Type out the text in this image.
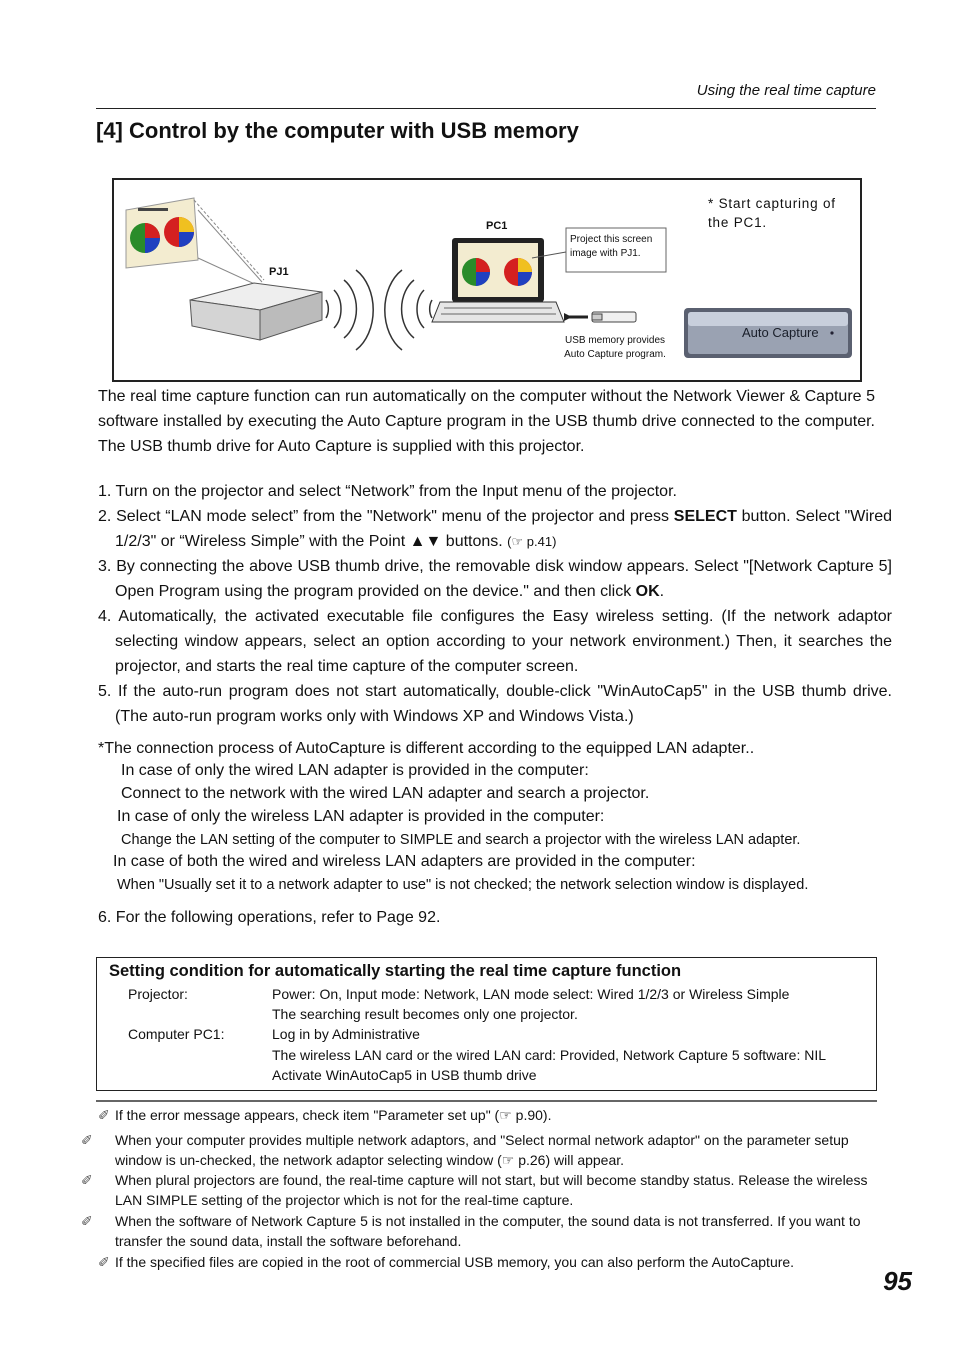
Using the real time capture
[4] Control by the computer with USB memory
PJ1
PC1
Project this screen image with PJ1.
USB memory provides Auto Capture program.
* Start capturing of the PC1.
Auto Capture
The real time capture function can run automatically on the computer without the Network Viewer & Capture 5 software installed by executing the Auto Capture program in the USB thumb drive connected to the computer. The USB thumb drive for Auto Capture is supplied with this projector.
1. Turn on the projector and select “Network” from the Input menu of the projector.
2. Select “LAN mode select” from the "Network" menu of the projector and press SELECT button. Select "Wired 1/2/3" or “Wireless Simple” with the Point ▲▼ buttons. (☞ p.41)
3. By connecting the above USB thumb drive, the removable disk window appears. Select "[Network Capture 5] Open Program using the program provided on the device." and then click OK.
4. Automatically, the activated executable file configures the Easy wireless setting. (If the network adaptor selecting window appears, select an option according to your network environment.) Then, it searches the projector, and starts the real time capture of the computer screen.
5. If the auto-run program does not start automatically, double-click "WinAutoCap5" in the USB thumb drive. (The auto-run program works only with Windows XP and Windows Vista.)
*The connection process of AutoCapture is different according to the equipped LAN adapter..
In case of only the wired LAN adapter is provided in the computer:
Connect to the network with the wired LAN adapter and search a projector.
In case of only the wireless LAN adapter is provided in the computer:
Change the LAN setting of the computer to SIMPLE and search a projector with the wireless LAN adapter.
In case of both the wired and wireless LAN adapters are provided in the computer:
When "Usually set it to a network adapter to use" is not checked; the network selection window is displayed.
6. For the following operations, refer to Page 92.
Setting condition for automatically starting the real time capture function
Projector:	Power: On, Input mode: Network, LAN mode select: Wired 1/2/3 or Wireless Simple
The searching result becomes only one projector.
Computer PC1:	Log in by Administrative
The wireless LAN card or the wired LAN card: Provided, Network Capture 5 software: NIL
Activate WinAutoCap5 in USB thumb drive
✐ If the error message appears, check item "Parameter set up" (☞ p.90).
✐ When your computer provides multiple network adaptors, and "Select normal network adaptor" on the parameter setup window is un-checked, the network adaptor selecting window (☞ p.26) will appear.
✐ When plural projectors are found, the real-time capture will not start, but will become standby status. Release the wireless LAN SIMPLE setting of the projector which is not for the real-time capture.
✐ When the software of Network Capture 5 is not installed in the computer, the sound data is not transferred. If you want to transfer the sound data, install the software beforehand.
✐ If the specified files are copied in the root of commercial USB memory, you can also perform the AutoCapture.
95
